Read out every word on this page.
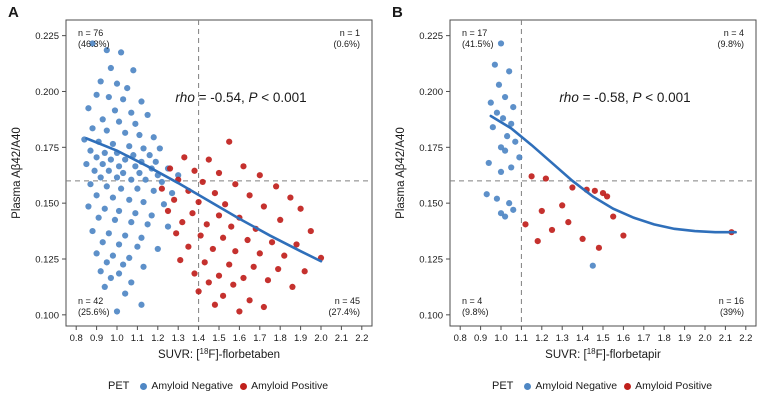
A
0.8 0.9 1.0 1.1 1.2 1.3 1.4 1.5 1.6 1.7 1.8 1.9 2.0 2.1 2.2
0.100
0.125
0.150
0.175
0.200
0.225
SUVR: [$^{18}$F]-florbetaben
Plasma Aβ42/A40
n = 76
(46.3%)
n = 1
(0.6%)
n = 42
(25.6%)
n = 45
(27.4%)
rho = -0.54, P < 0.001
B
0.8 0.9 1.0 1.1 1.2 1.3 1.4 1.5 1.6 1.7 1.8 1.9 2.0 2.1 2.2
0.100
0.125
0.150
0.175
0.200
0.225
SUVR: [$^{18}$F]-florbetapir
Plasma Aβ42/A40
n = 17
(41.5%)
n = 4
(9.8%)
n = 4
(9.8%)
n = 16
(39%)
rho = -0.58, P < 0.001
PET Amyloid Negative Amyloid Positive	PET Amyloid Negative Amyloid Positive
